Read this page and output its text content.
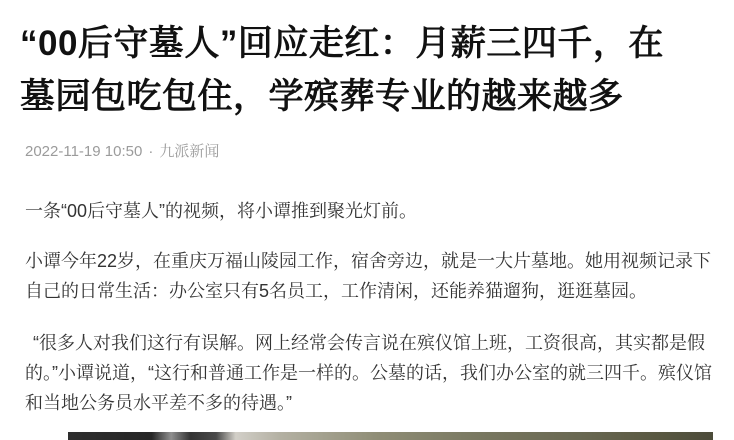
“00后守墓人”回应走红：月薪三四千，在
墓园包吃包住，学殡葬专业的越来越多
2022-11-19 10:50 · 九派新闻

一条“00后守墓人”的视频，将小谭推到聚光灯前。

小谭今年22岁，在重庆万福山陵园工作，宿舍旁边，就是一大片墓地。她用视频记录下自己的日常生活：办公室只有5名员工，工作清闲，还能养猫遛狗，逛逛墓园。

“很多人对我们这行有误解。网上经常会传言说在殡仪馆上班，工资很高，其实都是假的。”小谭说道，“这行和普通工作是一样的。公墓的话，我们办公室的就三四千。殡仪馆和当地公务员水平差不多的待遇。”
